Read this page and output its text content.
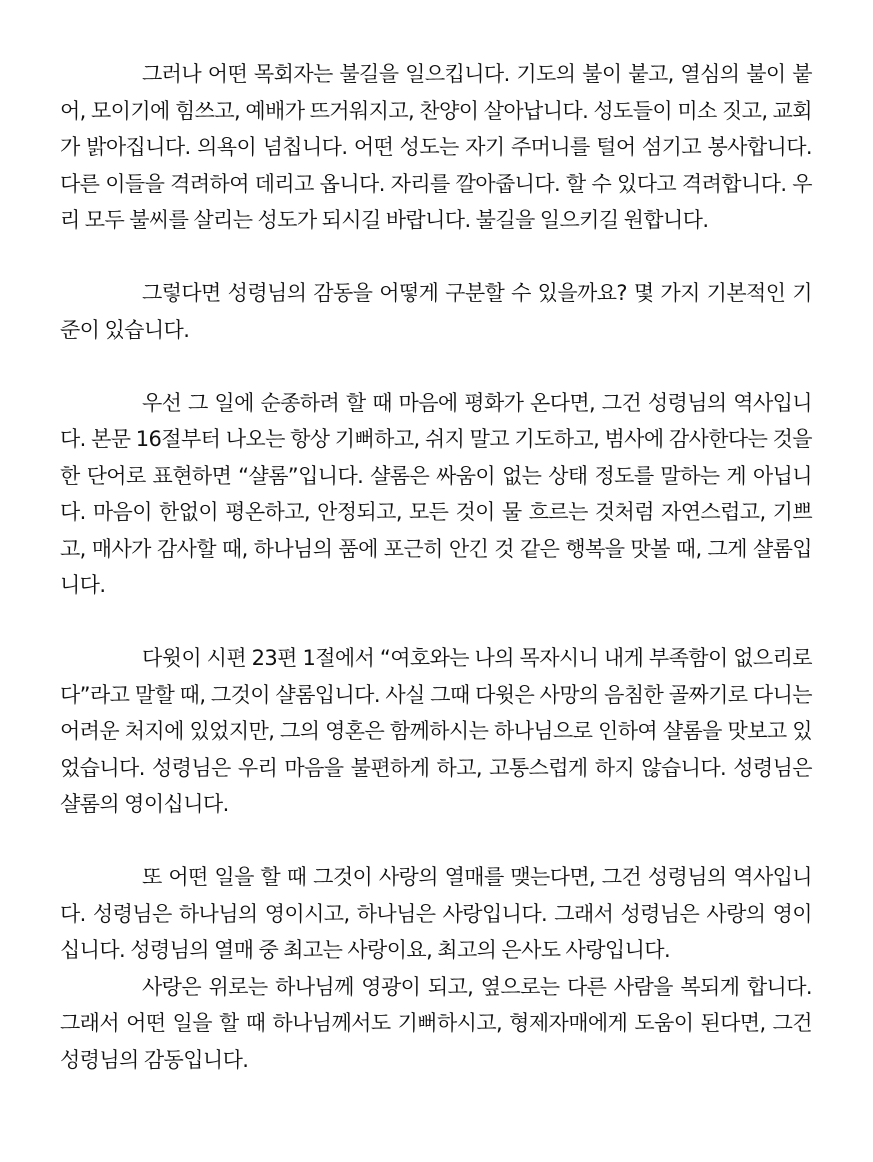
그러나 어떤 목회자는 불길을 일으킵니다. 기도의 불이 붙고, 열심의 불이 붙어, 모이기에 힘쓰고, 예배가 뜨거워지고, 찬양이 살아납니다. 성도들이 미소 짓고, 교회가 밝아집니다. 의욕이 넘칩니다. 어떤 성도는 자기 주머니를 털어 섬기고 봉사합니다. 다른 이들을 격려하여 데리고 옵니다. 자리를 깔아줍니다. 할 수 있다고 격려합니다. 우리 모두 불씨를 살리는 성도가 되시길 바랍니다. 불길을 일으키길 원합니다.

그렇다면 성령님의 감동을 어떻게 구분할 수 있을까요? 몇 가지 기본적인 기준이 있습니다.

우선 그 일에 순종하려 할 때 마음에 평화가 온다면, 그건 성령님의 역사입니다. 본문 16절부터 나오는 항상 기뻐하고, 쉬지 말고 기도하고, 범사에 감사한다는 것을 한 단어로 표현하면 “샬롬”입니다. 샬롬은 싸움이 없는 상태 정도를 말하는 게 아닙니다. 마음이 한없이 평온하고, 안정되고, 모든 것이 물 흐르는 것처럼 자연스럽고, 기쁘고, 매사가 감사할 때, 하나님의 품에 포근히 안긴 것 같은 행복을 맛볼 때, 그게 샬롬입니다.

다윗이 시편 23편 1절에서 “여호와는 나의 목자시니 내게 부족함이 없으리로다”라고 말할 때, 그것이 샬롬입니다. 사실 그때 다윗은 사망의 음침한 골짜기로 다니는 어려운 처지에 있었지만, 그의 영혼은 함께하시는 하나님으로 인하여 샬롬을 맛보고 있었습니다. 성령님은 우리 마음을 불편하게 하고, 고통스럽게 하지 않습니다. 성령님은 샬롬의 영이십니다.

또 어떤 일을 할 때 그것이 사랑의 열매를 맺는다면, 그건 성령님의 역사입니다. 성령님은 하나님의 영이시고, 하나님은 사랑입니다. 그래서 성령님은 사랑의 영이십니다. 성령님의 열매 중 최고는 사랑이요, 최고의 은사도 사랑입니다.

사랑은 위로는 하나님께 영광이 되고, 옆으로는 다른 사람을 복되게 합니다. 그래서 어떤 일을 할 때 하나님께서도 기뻐하시고, 형제자매에게 도움이 된다면, 그건 성령님의 감동입니다.
